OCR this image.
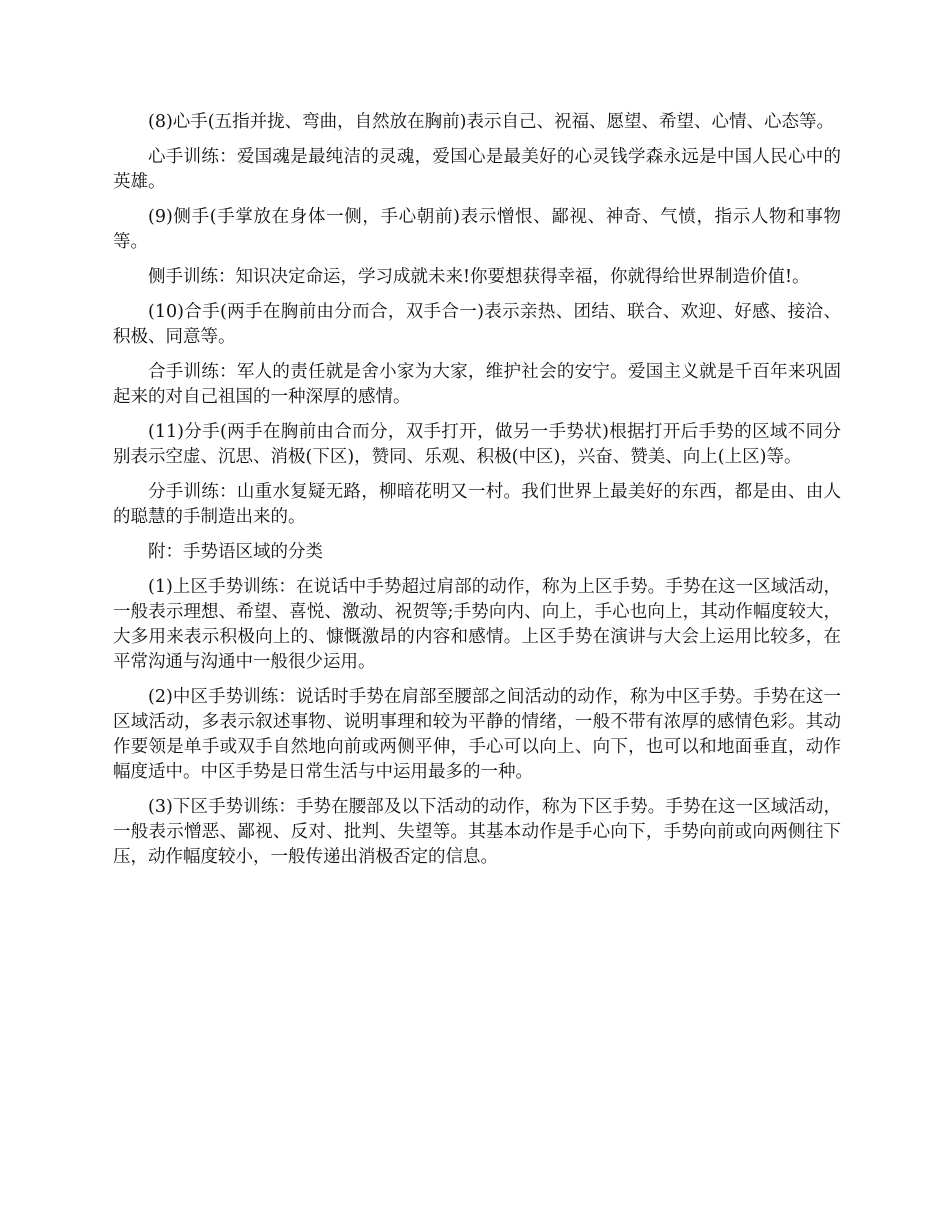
(8)心手(五指并拢、弯曲，自然放在胸前)表示自己、祝福、愿望、希望、心情、心态等。

心手训练：爱国魂是最纯洁的灵魂，爱国心是最美好的心灵钱学森永远是中国人民心中的英雄。

(9)侧手(手掌放在身体一侧，手心朝前)表示憎恨、鄙视、神奇、气愤，指示人物和事物等。

侧手训练：知识决定命运，学习成就未来!你要想获得幸福，你就得给世界制造价值!。

(10)合手(两手在胸前由分而合，双手合一)表示亲热、团结、联合、欢迎、好感、接洽、积极、同意等。

合手训练：军人的责任就是舍小家为大家，维护社会的安宁。爱国主义就是千百年来巩固起来的对自己祖国的一种深厚的感情。

(11)分手(两手在胸前由合而分，双手打开，做另一手势状)根据打开后手势的区域不同分别表示空虚、沉思、消极(下区)，赞同、乐观、积极(中区)，兴奋、赞美、向上(上区)等。

分手训练：山重水复疑无路，柳暗花明又一村。我们世界上最美好的东西，都是由、由人的聪慧的手制造出来的。

附：手势语区域的分类

(1)上区手势训练：在说话中手势超过肩部的动作，称为上区手势。手势在这一区域活动，一般表示理想、希望、喜悦、激动、祝贺等;手势向内、向上，手心也向上，其动作幅度较大，大多用来表示积极向上的、慷慨激昂的内容和感情。上区手势在演讲与大会上运用比较多，在平常沟通与沟通中一般很少运用。

(2)中区手势训练：说话时手势在肩部至腰部之间活动的动作，称为中区手势。手势在这一区域活动，多表示叙述事物、说明事理和较为平静的情绪，一般不带有浓厚的感情色彩。其动作要领是单手或双手自然地向前或两侧平伸，手心可以向上、向下，也可以和地面垂直，动作幅度适中。中区手势是日常生活与中运用最多的一种。

(3)下区手势训练：手势在腰部及以下活动的动作，称为下区手势。手势在这一区域活动，一般表示憎恶、鄙视、反对、批判、失望等。其基本动作是手心向下，手势向前或向两侧往下压，动作幅度较小，一般传递出消极否定的信息。
